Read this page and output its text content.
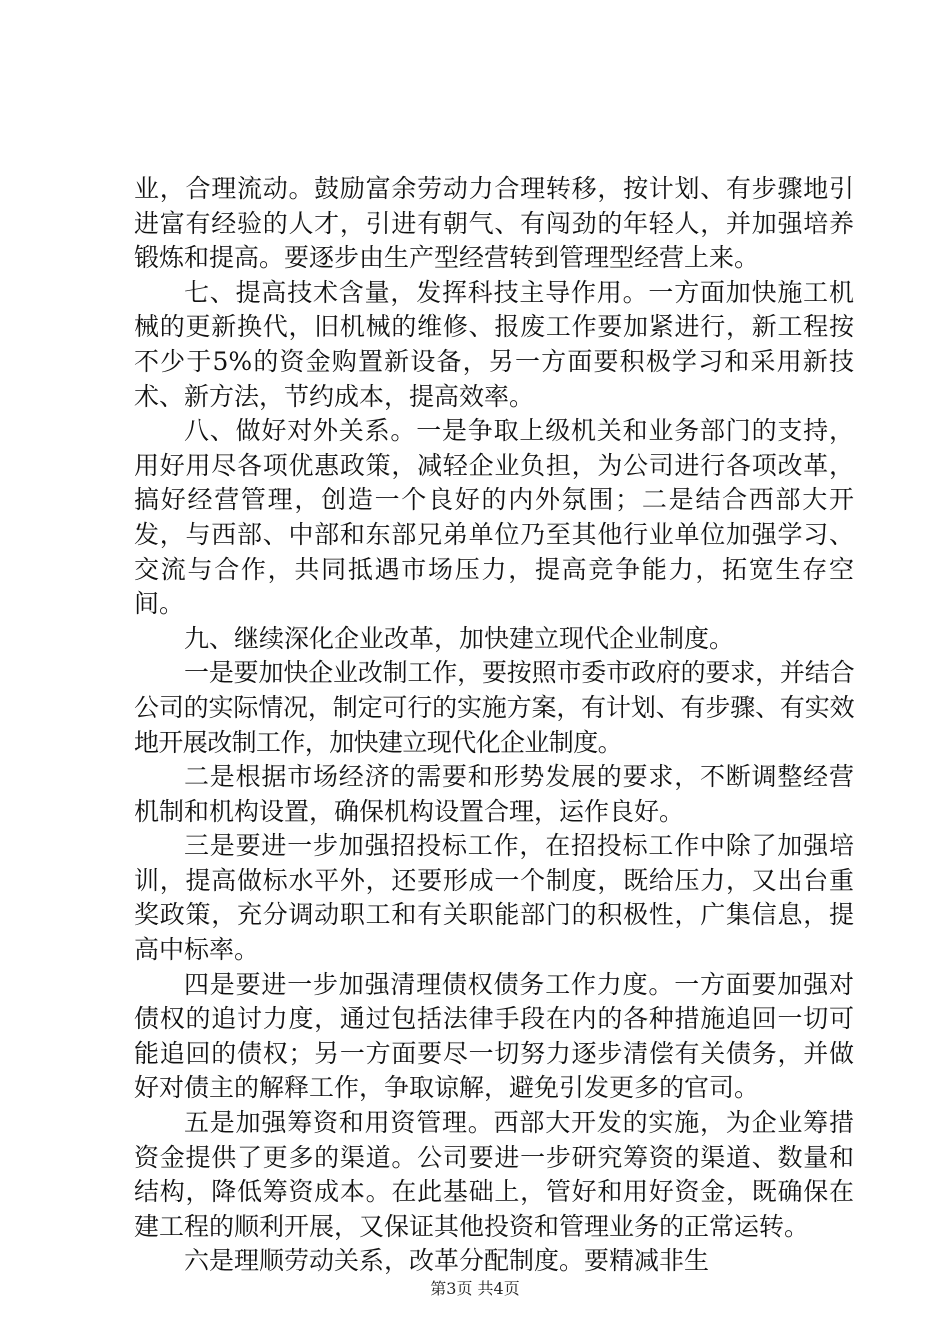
业，合理流动。鼓励富余劳动力合理转移，按计划、有步骤地引进富有经验的人才，引进有朝气、有闯劲的年轻人，并加强培养锻炼和提高。要逐步由生产型经营转到管理型经营上来。

七、提高技术含量，发挥科技主导作用。一方面加快施工机械的更新换代，旧机械的维修、报废工作要加紧进行，新工程按不少于5%的资金购置新设备，另一方面要积极学习和采用新技术、新方法，节约成本，提高效率。

八、做好对外关系。一是争取上级机关和业务部门的支持，用好用尽各项优惠政策，减轻企业负担，为公司进行各项改革，搞好经营管理，创造一个良好的内外氛围；二是结合西部大开发，与西部、中部和东部兄弟单位乃至其他行业单位加强学习、交流与合作，共同抵遇市场压力，提高竞争能力，拓宽生存空间。

九、继续深化企业改革，加快建立现代企业制度。

一是要加快企业改制工作，要按照市委市政府的要求，并结合公司的实际情况，制定可行的实施方案，有计划、有步骤、有实效地开展改制工作，加快建立现代化企业制度。

二是根据市场经济的需要和形势发展的要求，不断调整经营机制和机构设置，确保机构设置合理，运作良好。

三是要进一步加强招投标工作，在招投标工作中除了加强培训，提高做标水平外，还要形成一个制度，既给压力，又出台重奖政策，充分调动职工和有关职能部门的积极性，广集信息，提高中标率。

四是要进一步加强清理债权债务工作力度。一方面要加强对债权的追讨力度，通过包括法律手段在内的各种措施追回一切可能追回的债权；另一方面要尽一切努力逐步清偿有关债务，并做好对债主的解释工作，争取谅解，避免引发更多的官司。

五是加强筹资和用资管理。西部大开发的实施，为企业筹措资金提供了更多的渠道。公司要进一步研究筹资的渠道、数量和结构，降低筹资成本。在此基础上，管好和用好资金，既确保在建工程的顺利开展，又保证其他投资和管理业务的正常运转。

六是理顺劳动关系，改革分配制度。要精减非生

第3页 共4页
